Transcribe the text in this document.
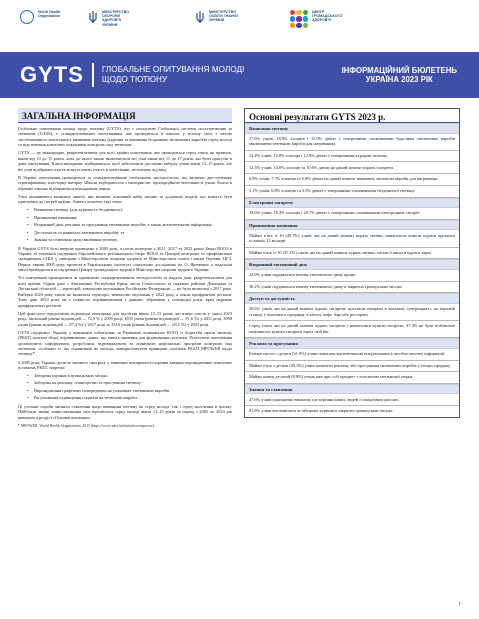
World Health
Organization
МІНІСТЕРСТВО
ОХОРОНИ
ЗДОРОВ'Я
УКРАЇНИ
МІНІСТЕРСТВО
ОСВІТИ І НАУКИ
УКРАЇНИ
ЦЕНТР
ГРОМАДСЬКОГО
ЗДОРОВ'Я
GYTS ГЛОБАЛЬНЕ ОПИТУВАННЯ МОЛОДІ
ЩОДО ТЮТЮНУ
ІНФОРМАЦІЙНИЙ БЮЛЕТЕНЬ
УКРАЇНА 2023 РІК
ЗАГАЛЬНА ІНФОРМАЦІЯ

Глобальне опитування молоді щодо тютюну (GYTS), що є складовою Глобальної системи спостереження за тютюном (GTSS), є стандартизованим опитуванням, яке проводиться в школах у всьому світі з метою систематичного моніторингу вживання тютюну (куріння та вживання бездимних тютюнових виробів) серед молоді та відстеження ключових показників контролю над тютюном.

GYTS — це міжнародне, репрезентативне для всієї країни опитування, яке проводиться серед учнів, як правило, віком від 13 до 15 років, хоча до нього також включаються всі учні віком від 11 до 17 років, які були присутні в день опитування. Класи випадково відбираються, щоб забезпечити достатню вибірку учнів віком 13–15 років, але всі учні відібраних класів можуть взяти участь в опитуванні, незалежно від віку.

В Україні опитування проводиться за стандартизованою глобальною методологією, що включає двоступеневу стратифіковану кластерну вибірку. Школи відбираються з імовірністю, пропорційною чисельності учнів. Класи в обраних школах відбираються випадковим чином.

Учні заповнюють анонімну анкету, яка включає основний набір питань та додаткові модулі, що можуть бути адаптовані до потреб країни. Анкета охоплює такі теми:

• Вживання тютюну (для куріння та бездимного);
• Припинення вживання;
• Вторинний дим, реклама та просування тютюнових виробів, а також антитютюнова інформація;
• Доступність та наявність тютюнових виробів; та
• Знання та ставлення щодо вживання тютюну.

В Україні GYTS було вперше проведено у 2005 році, а потім повторно у 2011, 2017 та 2023 роках Бюро ВООЗ в Україні за технічної підтримки Європейського регіонального бюро ВООЗ та Центрів контролю та профілактики захворювань США у співпраці з Міністерством охорони здоров'я та Міністерством освіти і науки України. ЦГЗ. Першу хвилю 2005 року провели в Українському інституті соціальних досліджень ім. О. Яременка, а подальші хвилі проводилися за підтримки Центру громадського здоров'я Міністерства охорони здоров'я України.

Усі опитування проводилися за однаковою стандартизованою методологією та надали дані, репрезентативні для всієї країни. Однак дані з Автономної Республіки Крим, міста Севастополь та окремих районів Донецької та Луганської областей — територій, тимчасово окупованих Російською Федерацією — не були включені з 2017 року. Вибірка 2023 року також не включала території, тимчасово окуповані у 2022 році, а також прифронтові регіони. Тому дані 2023 року не є повністю порівнюваними з даними, зібраними у попередні роки, крім окремих прифронтових регіонів.

Цей факт-лист представляє відповідні показники для підлітків віком 13–15 років, які взяли участь у хвилі 2023 року. Загальний рівень відповідей — 72,9 % у 2005 році, 3550 учнів (рівень відповідей — 91,6 %) у 2011 році, 3098 учнів (рівень відповідей — 87,4 %) у 2017 році та 3316 учнів (рівень відповідей — 69,5 %) у 2023 році.

GYTS підтримує Україну у виконанні зобов'язань за Рамковою конвенцією ВООЗ із боротьби проти тютюну (РКБТ) шляхом збору порівнюваних даних, що мають значення для формування політики. Результати опитування допомагають інформувати, розробляти, впроваджувати та оцінювати національні програми контролю над тютюном, особливо ті, що спрямовані на молодь, використовуючи принципи політики ВООЗ MPOWER щодо тютюну*.

З 2005 року Україна досягла значного прогресу у зниженні поширеності куріння завдяки впровадженню ключових положень РКБТ, зокрема:

• Заборона куріння в громадських місцях
• Заборона на рекламу, спонсорство та просування тютюну
• Впровадження графічних попереджень на упаковках тютюнових виробів
• Регулювання підвищення податків на тютюнові вироби.

Ці успішні спроби змінили ставлення щодо вживання тютюну як серед молоді, так і серед населення в цілому. Найбільш значні зміни вживання спостерігаються серед молоді віком 13–15 років за період з 2005 по 2023 рік наведено в розділі «Основні висновки».

* MPOWER, World Health Organization, 2015 (https://www.who.int/initiatives/mpower).
Основні результати GYTS 2023 р.
Вживання тютюну
17,6% учнів, 18,9% хлопців і 15,9% дівчат є теперішніми споживачами будь-яких тютюнових виробів (включаючи тютюнові вироби для нагрівання).
14,4% учнів, 15,8% хлопців і 12,9% дівчат є теперішніми курцями тютюну.
12,3% учнів, 14,0% хлопців та 10,6% дівчат на даний момент курять сигарети.
6,9% учнів, 7,7% хлопців та 5,8% дівчат на даний момент вживають тютюнові вироби для нагрівання.
5,1% учнів, 6,8% хлопців та 3,5% дівчат є теперішніми споживачами бездимного тютюну.
Електронні сигарети
19,6% учнів, 18,4% хлопців і 20,7% дівчат є теперішніми споживачами електронних сигарет.
Припинення вживання
Майже п'ять із 10 (49,7%) учнів, які на даний момент курять тютюн, намагалися кинути курити протягом останніх 12 місяців.
Майже п'ять із 10 (47,1%) учнів, які на даний момент курять тютюн, хотіли б кинути курити зараз.
Вторинний тютюновий дим
24,9% учнів піддавалися впливу тютюнового диму вдома.
36,2% учнів піддавалися впливу тютюнового диму в закритих громадських місцях.
Доступ та доступність
30,6% учнів, які на даний момент курять сигарети, купували сигарети в магазині, супермаркеті, на торговій станції, у вуличного продавця, в кіоску, кафе, барі або ресторані.
Серед учнів, які на даний момент курять сигарети і намагалися купити сигарети, 47,3% не були позбавлені можливості купити сигарети через свій вік.
Реклама та просування
Більше шести з десяти (61,9%) учнів помітили антитютюнові повідомлення в засобах масової інформації.
Майже п'ять з десяти (49,5%) учнів помітили рекламу або просування тютюнових виробів у місцях продажу.
Майже кожен десятий (8,8%) учень мав при собі предмет з логотипом тютюнової марки.
Знання та ставлення
47,6% учнів однозначно вважали, що куріння інших людей є шкідливим для них.
81,8% учнів висловилися за заборону куріння в закритих громадських місцях.
1
